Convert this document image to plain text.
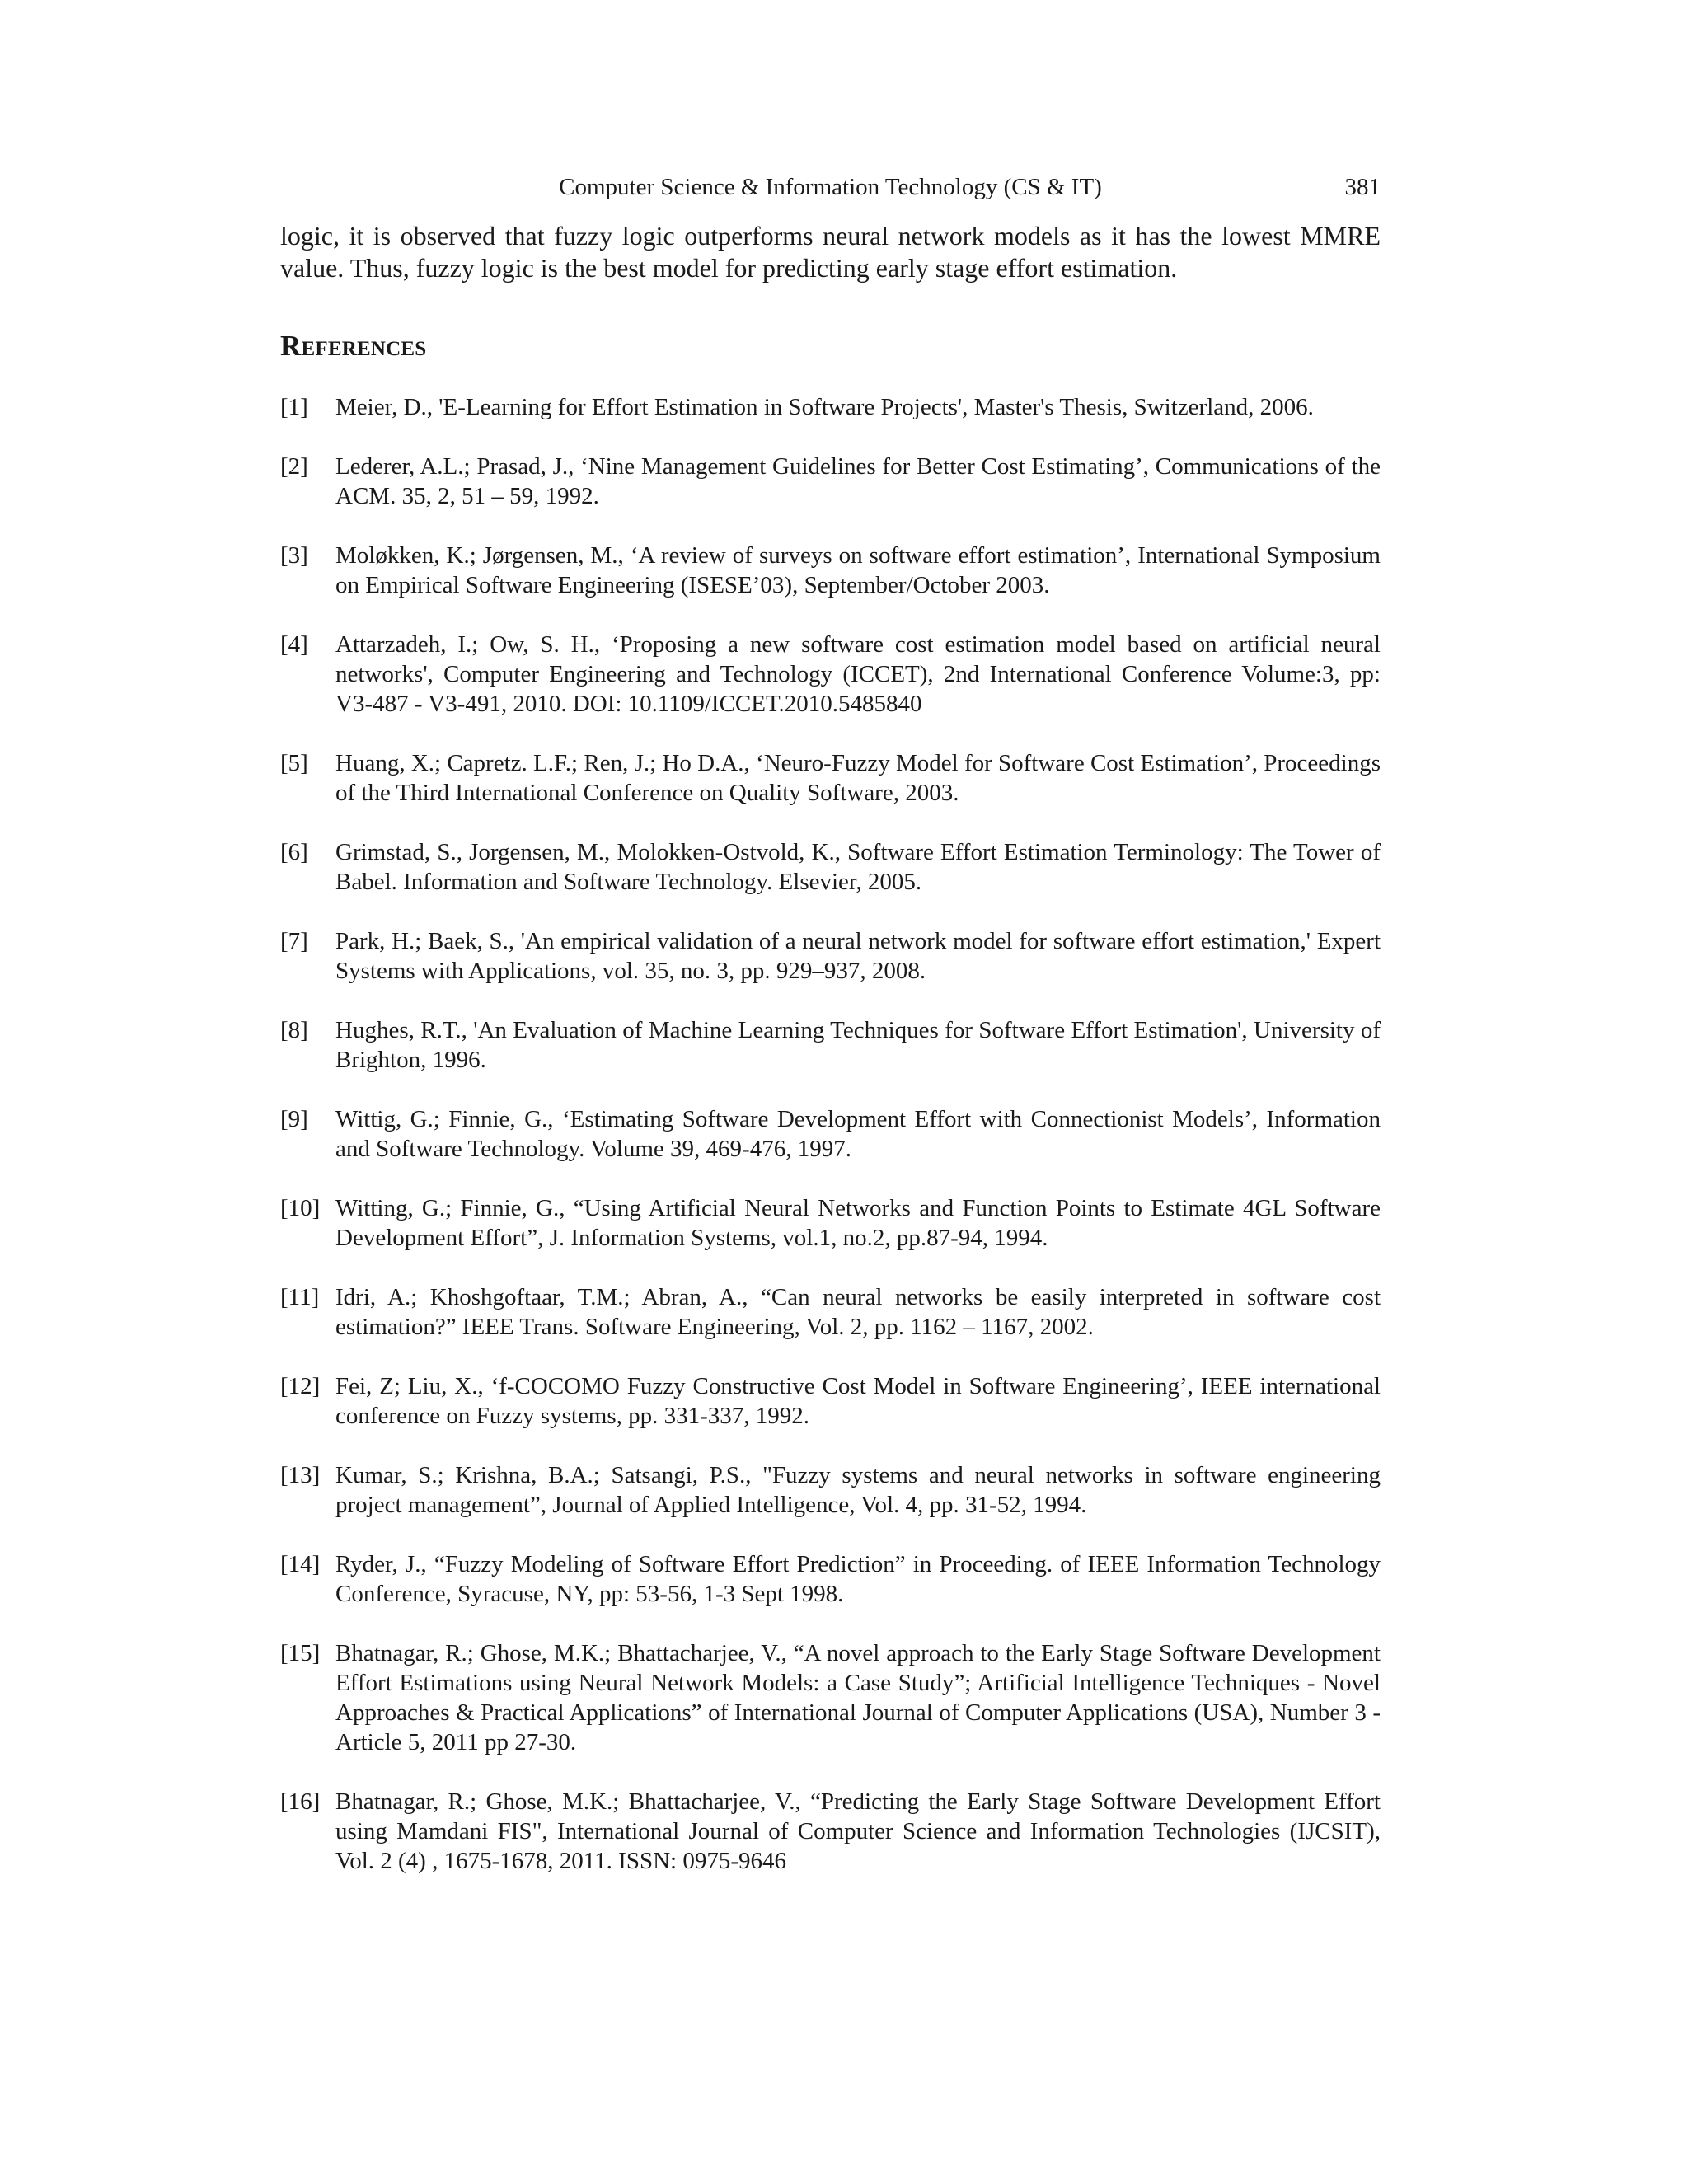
Computer Science & Information Technology (CS & IT)	381

logic, it is observed that fuzzy logic outperforms neural network models as it has the lowest MMRE value. Thus, fuzzy logic is the best model for predicting early stage effort estimation.

References
[1] Meier, D., 'E-Learning for Effort Estimation in Software Projects', Master's Thesis, Switzerland, 2006.
[2] Lederer, A.L.; Prasad, J., ‘Nine Management Guidelines for Better Cost Estimating’, Communications of the ACM. 35, 2, 51 – 59, 1992.
[3] Moløkken, K.; Jørgensen, M., ‘A review of surveys on software effort estimation’, International Symposium on Empirical Software Engineering (ISESE’03), September/October 2003.
[4] Attarzadeh, I.; Ow, S. H., ‘Proposing a new software cost estimation model based on artificial neural networks', Computer Engineering and Technology (ICCET), 2nd International Conference Volume:3, pp: V3-487 - V3-491, 2010. DOI: 10.1109/ICCET.2010.5485840
[5] Huang, X.; Capretz. L.F.; Ren, J.; Ho D.A., ‘Neuro-Fuzzy Model for Software Cost Estimation’, Proceedings of the Third International Conference on Quality Software, 2003.
[6] Grimstad, S., Jorgensen, M., Molokken-Ostvold, K., Software Effort Estimation Terminology: The Tower of Babel. Information and Software Technology. Elsevier, 2005.
[7] Park, H.; Baek, S., 'An empirical validation of a neural network model for software effort estimation,' Expert Systems with Applications, vol. 35, no. 3, pp. 929–937, 2008.
[8] Hughes, R.T., 'An Evaluation of Machine Learning Techniques for Software Effort Estimation', University of Brighton, 1996.
[9] Wittig, G.; Finnie, G., ‘Estimating Software Development Effort with Connectionist Models’, Information and Software Technology. Volume 39, 469-476, 1997.
[10] Witting, G.; Finnie, G., “Using Artificial Neural Networks and Function Points to Estimate 4GL Software Development Effort”, J. Information Systems, vol.1, no.2, pp.87-94, 1994.
[11] Idri, A.; Khoshgoftaar, T.M.; Abran, A., “Can neural networks be easily interpreted in software cost estimation?” IEEE Trans. Software Engineering, Vol. 2, pp. 1162 – 1167, 2002.
[12] Fei, Z; Liu, X., ‘f-COCOMO Fuzzy Constructive Cost Model in Software Engineering’, IEEE international conference on Fuzzy systems, pp. 331-337, 1992.
[13] Kumar, S.; Krishna, B.A.; Satsangi, P.S., "Fuzzy systems and neural networks in software engineering project management”, Journal of Applied Intelligence, Vol. 4, pp. 31-52, 1994.
[14] Ryder, J., “Fuzzy Modeling of Software Effort Prediction” in Proceeding. of IEEE Information Technology Conference, Syracuse, NY, pp: 53-56, 1-3 Sept 1998.
[15] Bhatnagar, R.; Ghose, M.K.; Bhattacharjee, V., “A novel approach to the Early Stage Software Development Effort Estimations using Neural Network Models: a Case Study”; Artificial Intelligence Techniques - Novel Approaches & Practical Applications” of International Journal of Computer Applications (USA), Number 3 - Article 5, 2011 pp 27-30.
[16] Bhatnagar, R.; Ghose, M.K.; Bhattacharjee, V., “Predicting the Early Stage Software Development Effort using Mamdani FIS", International Journal of Computer Science and Information Technologies (IJCSIT), Vol. 2 (4) , 1675-1678, 2011. ISSN: 0975-9646
